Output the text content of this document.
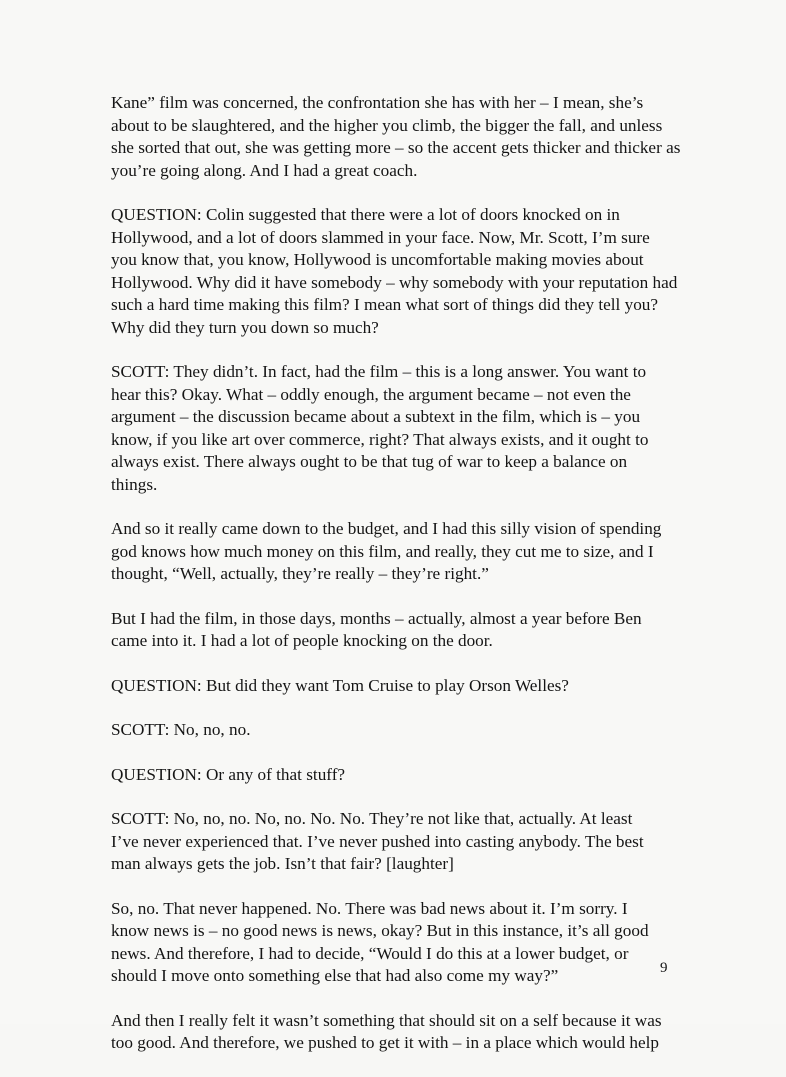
Kane” film was concerned, the confrontation she has with her – I mean, she’s
about to be slaughtered, and the higher you climb, the bigger the fall, and unless
she sorted that out, she was getting more – so the accent gets thicker and thicker as
you’re going along. And I had a great coach.

QUESTION: Colin suggested that there were a lot of doors knocked on in
Hollywood, and a lot of doors slammed in your face. Now, Mr. Scott, I’m sure
you know that, you know, Hollywood is uncomfortable making movies about
Hollywood. Why did it have somebody – why somebody with your reputation had
such a hard time making this film? I mean what sort of things did they tell you?
Why did they turn you down so much?

SCOTT: They didn’t. In fact, had the film – this is a long answer. You want to
hear this? Okay. What – oddly enough, the argument became – not even the
argument – the discussion became about a subtext in the film, which is – you
know, if you like art over commerce, right? That always exists, and it ought to
always exist. There always ought to be that tug of war to keep a balance on
things.

And so it really came down to the budget, and I had this silly vision of spending
god knows how much money on this film, and really, they cut me to size, and I
thought, “Well, actually, they’re really – they’re right.”

But I had the film, in those days, months – actually, almost a year before Ben
came into it. I had a lot of people knocking on the door.

QUESTION: But did they want Tom Cruise to play Orson Welles?

SCOTT: No, no, no.

QUESTION: Or any of that stuff?

SCOTT: No, no, no. No, no. No. No. They’re not like that, actually. At least
I’ve never experienced that. I’ve never pushed into casting anybody. The best
man always gets the job. Isn’t that fair? [laughter]

So, no. That never happened. No. There was bad news about it. I’m sorry. I
know news is – no good news is news, okay? But in this instance, it’s all good
news. And therefore, I had to decide, “Would I do this at a lower budget, or
should I move onto something else that had also come my way?”

And then I really felt it wasn’t something that should sit on a self because it was
too good. And therefore, we pushed to get it with – in a place which would help

9
